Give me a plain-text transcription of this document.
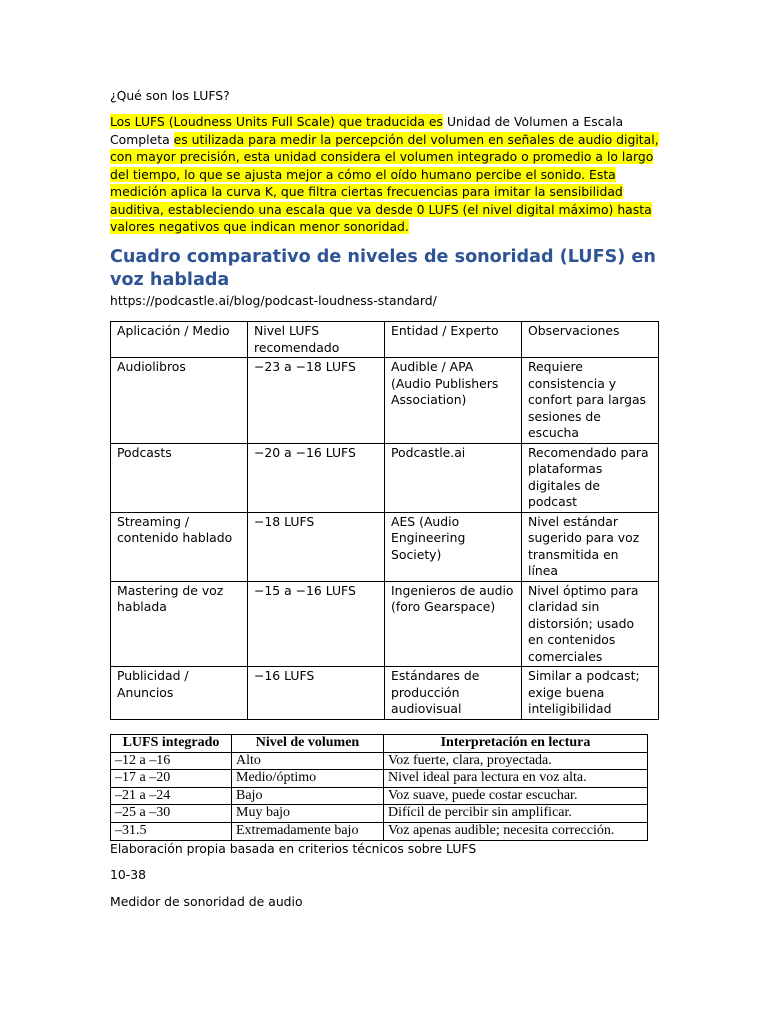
¿Qué son los LUFS?

Los LUFS (Loudness Units Full Scale) que traducida es Unidad de Volumen a Escala Completa es utilizada para medir la percepción del volumen en señales de audio digital, con mayor precisión, esta unidad considera el volumen integrado o promedio a lo largo del tiempo, lo que se ajusta mejor a cómo el oído humano percibe el sonido. Esta medición aplica la curva K, que filtra ciertas frecuencias para imitar la sensibilidad auditiva, estableciendo una escala que va desde 0 LUFS (el nivel digital máximo) hasta valores negativos que indican menor sonoridad.

Cuadro comparativo de niveles de sonoridad (LUFS) en voz hablada
https://podcastle.ai/blog/podcast-loudness-standard/
Aplicación / Medio	Nivel LUFS recomendado	Entidad / Experto	Observaciones
Audiolibros	−23 a −18 LUFS	Audible / APA (Audio Publishers Association)	Requiere consistencia y confort para largas sesiones de escucha
Podcasts	−20 a −16 LUFS	Podcastle.ai	Recomendado para plataformas digitales de podcast
Streaming / contenido hablado	−18 LUFS	AES (Audio Engineering Society)	Nivel estándar sugerido para voz transmitida en línea
Mastering de voz hablada	−15 a −16 LUFS	Ingenieros de audio (foro Gearspace)	Nivel óptimo para claridad sin distorsión; usado en contenidos comerciales
Publicidad / Anuncios	−16 LUFS	Estándares de producción audiovisual	Similar a podcast; exige buena inteligibilidad
LUFS integrado	Nivel de volumen	Interpretación en lectura
–12 a –16	Alto	Voz fuerte, clara, proyectada.
–17 a –20	Medio/óptimo	Nivel ideal para lectura en voz alta.
–21 a –24	Bajo	Voz suave, puede costar escuchar.
–25 a –30	Muy bajo	Difícil de percibir sin amplificar.
–31.5	Extremadamente bajo	Voz apenas audible; necesita corrección.
Elaboración propia basada en criterios técnicos sobre LUFS
10-38
Medidor de sonoridad de audio
